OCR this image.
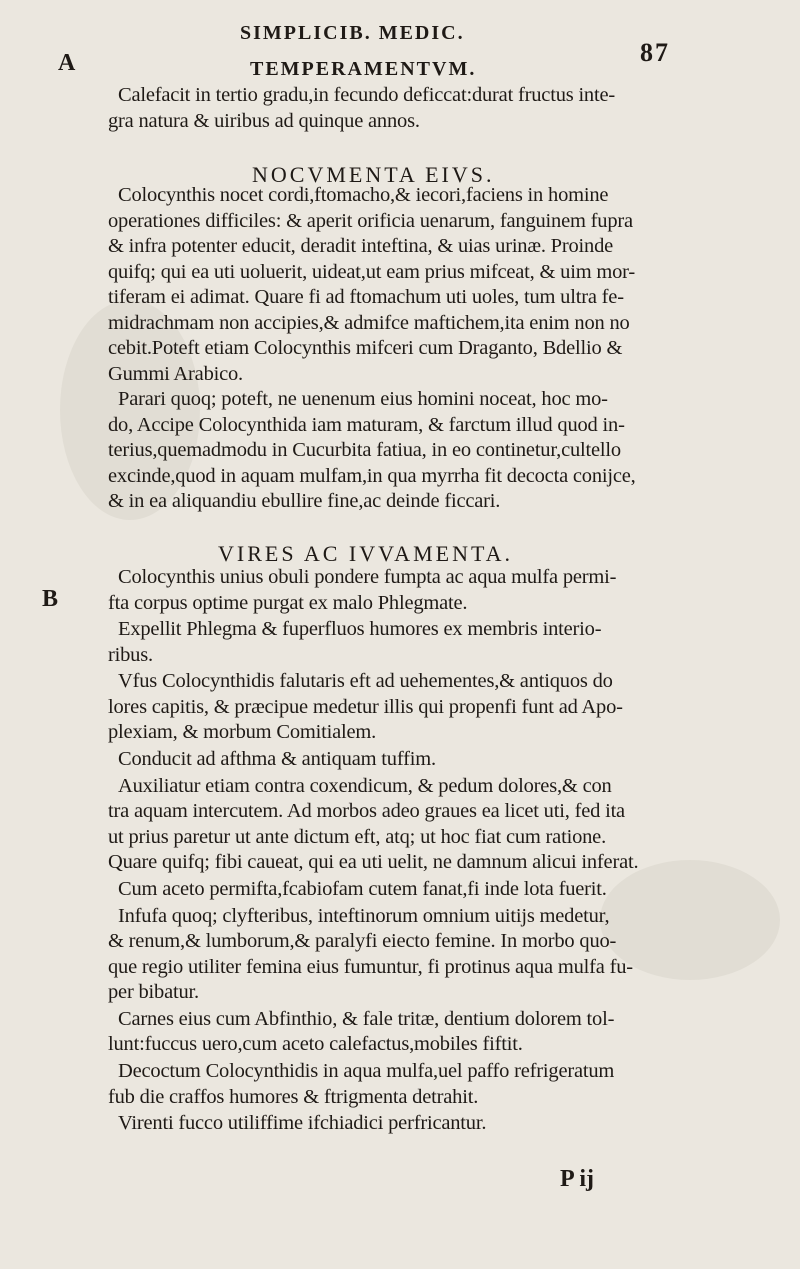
SIMPLICIB. MEDIC.
87
A	TEMPERAMENTVM.
Calefacit in tertio gradu,in fecundo deficcat:durat fructus inte-
gra natura & uiribus ad quinque annos.
NOCVMENTA EIVS.
Colocynthis nocet cordi,ftomacho,& iecori,faciens in homine
operationes difficiles: & aperit orificia uenarum, fanguinem fupra
& infra potenter educit, deradit inteftina, & uias urinæ. Proinde
quifq; qui ea uti uoluerit, uideat,ut eam prius mifceat, & uim mor-
tiferam ei adimat. Quare fi ad ftomachum uti uoles, tum ultra fe-
midrachmam non accipies,& admifce maftichem,ita enim non no
cebit.Poteft etiam Colocynthis mifceri cum Draganto, Bdellio &
Gummi Arabico.
Parari quoq; poteft, ne uenenum eius homini noceat, hoc mo-
do, Accipe Colocynthida iam maturam, & farctum illud quod in-
terius,quemadmodu in Cucurbita fatiua, in eo continetur,cultello
excinde,quod in aquam mulfam,in qua myrrha fit decocta conijce,
& in ea aliquandiu ebullire fine,ac deinde ficcari.
VIRES AC IVVAMENTA.
Colocynthis unius obuli pondere fumpta ac aqua mulfa permi-
fta corpus optime purgat ex malo Phlegmate.
Expellit Phlegma & fuperfluos humores ex membris interio-
ribus.
Vfus Colocynthidis falutaris eft ad uehementes,& antiquos do
lores capitis, & præcipue medetur illis qui propenfi funt ad Apo-
plexiam, & morbum Comitialem.
Conducit ad afthma & antiquam tuffim.
Auxiliatur etiam contra coxendicum, & pedum dolores,& con
tra aquam intercutem. Ad morbos adeo graues ea licet uti, fed ita
ut prius paretur ut ante dictum eft, atq; ut hoc fiat cum ratione.
Quare quifq; fibi caueat, qui ea uti uelit, ne damnum alicui inferat.
Cum aceto permifta,fcabiofam cutem fanat,fi inde lota fuerit.
Infufa quoq; clyfteribus, inteftinorum omnium uitijs medetur,
& renum,& lumborum,& paralyfi eiecto femine. In morbo quo-
que regio utiliter femina eius fumuntur, fi protinus aqua mulfa fu-
per bibatur.
Carnes eius cum Abfinthio, & fale tritæ, dentium dolorem tol-
lunt:fuccus uero,cum aceto calefactus,mobiles fiftit.
Decoctum Colocynthidis in aqua mulfa,uel paffo refrigeratum
fub die craffos humores & ftrigmenta detrahit.
Virenti fucco utiliffime ifchiadici perfricantur.
B
P ij
